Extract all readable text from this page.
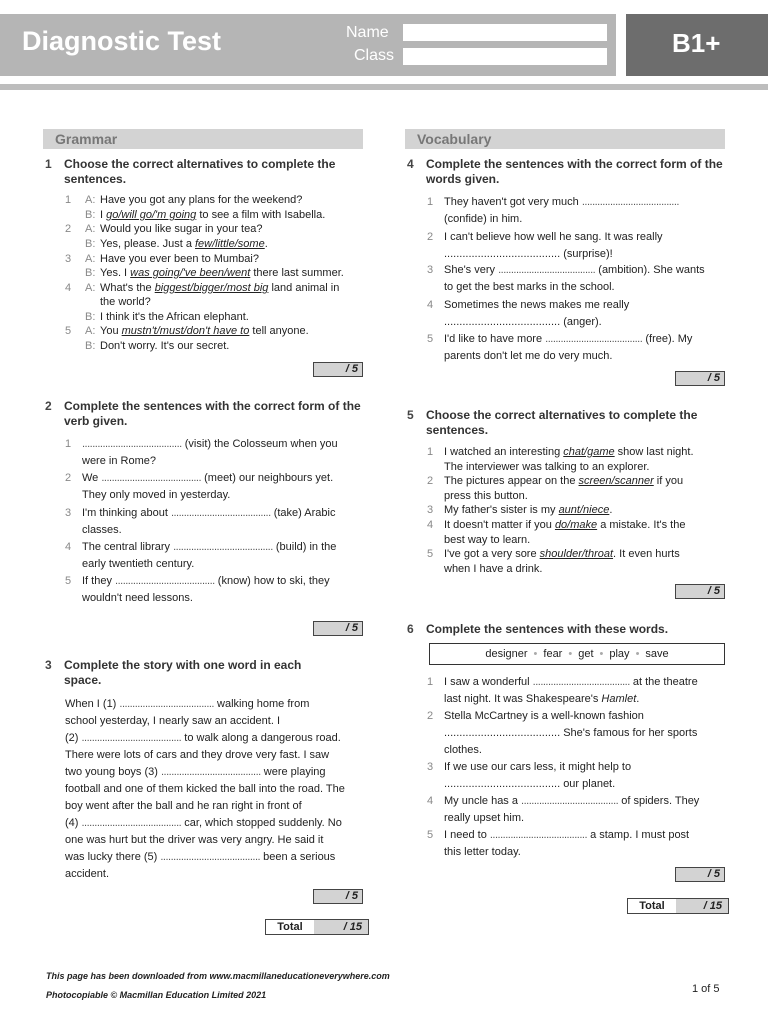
Diagnostic Test	Name
Class	B1+
Grammar	Vocabulary
1 Choose the correct alternatives to complete the sentences.
1 A: Have you got any plans for the weekend?
B: I go/will go/'m going to see a film with Isabella.
2 A: Would you like sugar in your tea?
B: Yes, please. Just a few/little/some.
3 A: Have you ever been to Mumbai?
B: Yes. I was going/'ve been/went there last summer.
4 A: What's the biggest/bigger/most big land animal in
the world?
B: I think it's the African elephant.
5 A: You mustn't/must/don't have to tell anyone.
B: Don't worry. It's our secret.
/ 5
2 Complete the sentences with the correct form of the verb given.
1 ....................................... (visit) the Colosseum when you
were in Rome?
2 We ....................................... (meet) our neighbours yet.
They only moved in yesterday.
3 I'm thinking about ....................................... (take) Arabic
classes.
4 The central library ....................................... (build) in the
early twentieth century.
5 If they ....................................... (know) how to ski, they
wouldn't need lessons.
/ 5
3 Complete the story with one word in each space.
When I (1) ..................................... walking home from
school yesterday, I nearly saw an accident. I
(2) ....................................... to walk along a dangerous road.
There were lots of cars and they drove very fast. I saw
two young boys (3) ....................................... were playing
football and one of them kicked the ball into the road. The
boy went after the ball and he ran right in front of
(4) ....................................... car, which stopped suddenly. No
one was hurt but the driver was very angry. He said it
was lucky there (5) ....................................... been a serious
accident.
/ 5
Total	/ 15
4 Complete the sentences with the correct form of the words given.
1 They haven't got very much ......................................
(confide) in him.
2 I can't believe how well he sang. It was really
...................................... (surprise)!
3 She's very ...................................... (ambition). She wants
to get the best marks in the school.
4 Sometimes the news makes me really
...................................... (anger).
5 I'd like to have more ...................................... (free). My
parents don't let me do very much.
/ 5
5 Choose the correct alternatives to complete the sentences.
1 I watched an interesting chat/game show last night.
The interviewer was talking to an explorer.
2 The pictures appear on the screen/scanner if you
press this button.
3 My father's sister is my aunt/niece.
4 It doesn't matter if you do/make a mistake. It's the
best way to learn.
5 I've got a very sore shoulder/throat. It even hurts
when I have a drink.
/ 5
6 Complete the sentences with these words.
designer • fear • get • play • save
1 I saw a wonderful ...................................... at the theatre
last night. It was Shakespeare's Hamlet.
2 Stella McCartney is a well-known fashion
...................................... She's famous for her sports
clothes.
3 If we use our cars less, it might help to
...................................... our planet.
4 My uncle has a ...................................... of spiders. They
really upset him.
5 I need to ...................................... a stamp. I must post
this letter today.
/ 5
Total	/ 15
This page has been downloaded from www.macmillaneducationeverywhere.com
Photocopiable © Macmillan Education Limited 2021	1 of 5
